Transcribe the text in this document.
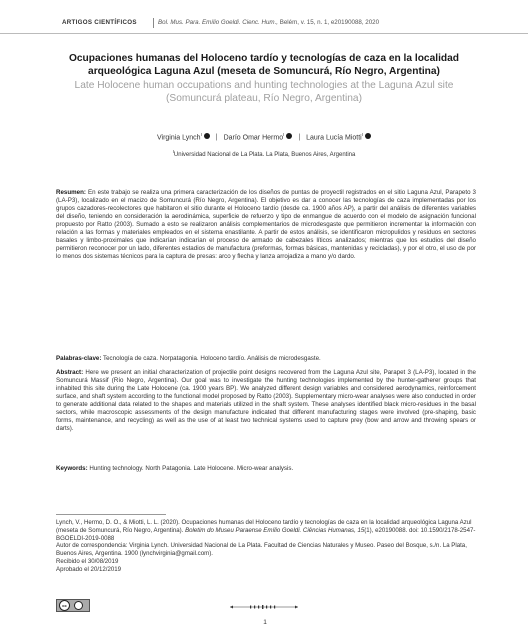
ARTIGOS CIENTÍFICOS	Bol. Mus. Para. Emílio Goeldi. Cienc. Hum., Belém, v. 15, n. 1, e20190088, 2020
Ocupaciones humanas del Holoceno tardío y tecnologías de caza en la localidad
arqueológica Laguna Azul (meseta de Somuncurá, Río Negro, Argentina)
Late Holocene human occupations and hunting technologies at the Laguna Azul site
(Somuncurá plateau, Río Negro, Argentina)
Virginia Lynch$^I$ | Darío Omar Hermo$^I$ | Laura Lucía Miotti$^I$
$^I$Universidad Nacional de La Plata. La Plata, Buenos Aires, Argentina
Resumen: En este trabajo se realiza una primera caracterización de los diseños de puntas de proyectil registrados en el sitio Laguna Azul, Parapeto 3 (LA-P3), localizado en el macizo de Somuncurá (Río Negro, Argentina). El objetivo es dar a conocer las tecnologías de caza implementadas por los grupos cazadores-recolectores que habitaron el sitio durante el Holoceno tardío (desde ca. 1900 años AP), a partir del análisis de diferentes variables del diseño, teniendo en consideración la aerodinámica, superficie de refuerzo y tipo de enmangue de acuerdo con el modelo de asignación funcional propuesto por Ratto (2003). Sumado a esto se realizaron análisis complementarios de microdesgaste que permitieron incrementar la información con relación a las formas y materiales empleados en el sistema enastilante. A partir de estos análisis, se identificaron micropulidos y residuos en sectores basales y limbo-proximales que indicarían indicarían el proceso de armado de cabezales líticos analizados; mientras que los estudios del diseño permitieron reconocer por un lado, diferentes estadios de manufactura (preformas, formas básicas, mantenidas y recicladas), y por el otro, el uso de por lo menos dos sistemas técnicos para la captura de presas: arco y flecha y lanza arrojadiza a mano y/o dardo.
Palabras-clave: Tecnología de caza. Norpatagonia. Holoceno tardío. Análisis de microdesgaste.
Abstract: Here we present an initial characterization of projectile point designs recovered from the Laguna Azul site, Parapet 3 (LA-P3), located in the Somuncurá Massif (Río Negro, Argentina). Our goal was to investigate the hunting technologies implemented by the hunter-gatherer groups that inhabited this site during the Late Holocene (ca. 1900 years BP). We analyzed different design variables and considered aerodynamics, reinforcement surface, and shaft system according to the functional model proposed by Ratto (2003). Supplementary micro-wear analyses were also conducted in order to generate additional data related to the shapes and materials utilized in the shaft system. These analyses identified black micro-residues in the basal sectors, while macroscopic assessments of the design manufacture indicated that different manufacturing stages were involved (pre-shaping, basic forms, maintenance, and recycling) as well as the use of at least two technical systems used to capture prey (bow and arrow and throwing spears or darts).
Keywords: Hunting technology. North Patagonia. Late Holocene. Micro-wear analysis.
Lynch, V., Hermo, D. O., & Miotti, L. L. (2020). Ocupaciones humanas del Holoceno tardío y tecnologías de caza en la localidad arqueológica Laguna Azul (meseta de Somuncurá, Río Negro, Argentina). Boletim do Museu Paraense Emílio Goeldi. Ciências Humanas, 15(1), e20190088. doi: 10.1590/2178-2547-BGOELDI-2019-0088
Autor de correspondencia: Virginia Lynch. Universidad Nacional de La Plata. Facultad de Ciencias Naturales y Museo. Paseo del Bosque, s./n. La Plata, Buenos Aires, Argentina. 1900 (lynchvirginia@gmail.com).
Recibido el 30/08/2019
Aprobado el 20/12/2019
cc
1
